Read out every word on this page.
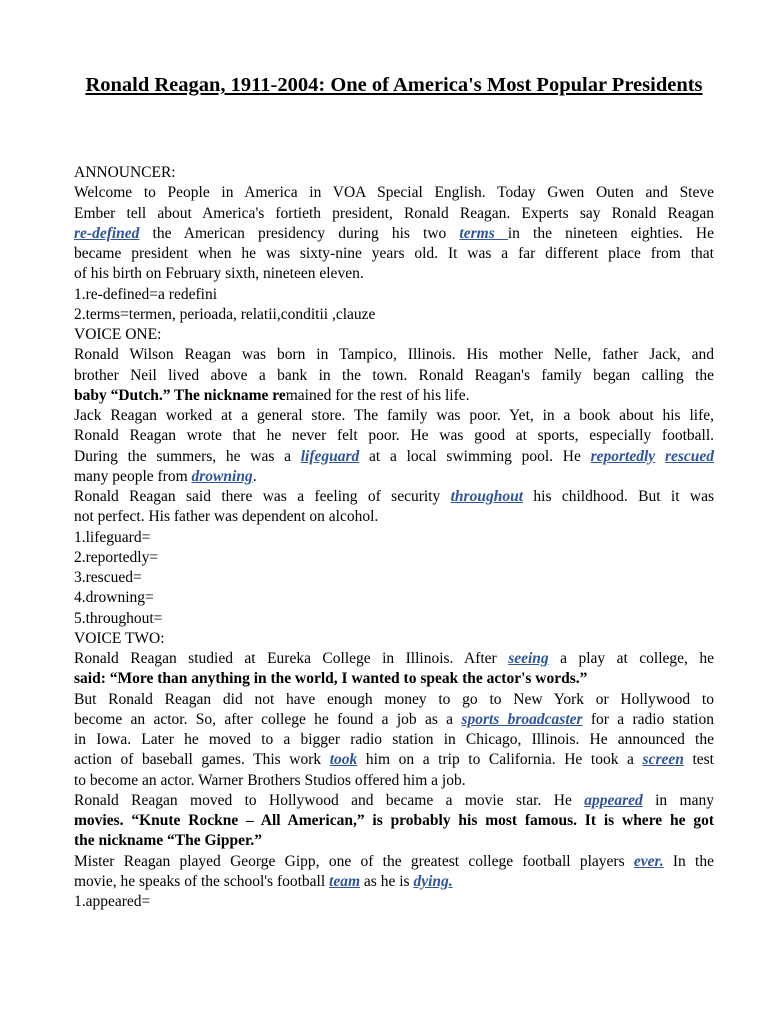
Ronald Reagan, 1911-2004: One of America's Most Popular Presidents
ANNOUNCER:
Welcome to People in America in VOA Special English. Today Gwen Outen and Steve
Ember tell about America's fortieth president, Ronald Reagan. Experts say Ronald Reagan
re-defined the American presidency during his two terms in the nineteen eighties. He
became president when he was sixty-nine years old. It was a far different place from that
of his birth on February sixth, nineteen eleven.
1.re-defined=a redefini
2.terms=termen, perioada, relatii,conditii ,clauze
VOICE ONE:
Ronald Wilson Reagan was born in Tampico, Illinois. His mother Nelle, father Jack, and
brother Neil lived above a bank in the town. Ronald Reagan's family began calling the
baby “Dutch.” The nickname remained for the rest of his life.
Jack Reagan worked at a general store. The family was poor. Yet, in a book about his life,
Ronald Reagan wrote that he never felt poor. He was good at sports, especially football.
During the summers, he was a lifeguard at a local swimming pool. He reportedly rescued
many people from drowning.
Ronald Reagan said there was a feeling of security throughout his childhood. But it was
not perfect. His father was dependent on alcohol.
1.lifeguard=
2.reportedly=
3.rescued=
4.drowning=
5.throughout=
VOICE TWO:
Ronald Reagan studied at Eureka College in Illinois. After seeing a play at college, he
said: “More than anything in the world, I wanted to speak the actor's words.”
But Ronald Reagan did not have enough money to go to New York or Hollywood to
become an actor. So, after college he found a job as a sports broadcaster for a radio station
in Iowa. Later he moved to a bigger radio station in Chicago, Illinois. He announced the
action of baseball games. This work took him on a trip to California. He took a screen test
to become an actor. Warner Brothers Studios offered him a job.
Ronald Reagan moved to Hollywood and became a movie star. He appeared in many
movies. “Knute Rockne – All American,” is probably his most famous. It is where he got
the nickname “The Gipper.”
Mister Reagan played George Gipp, one of the greatest college football players ever. In the
movie, he speaks of the school's football team as he is dying.
1.appeared=
